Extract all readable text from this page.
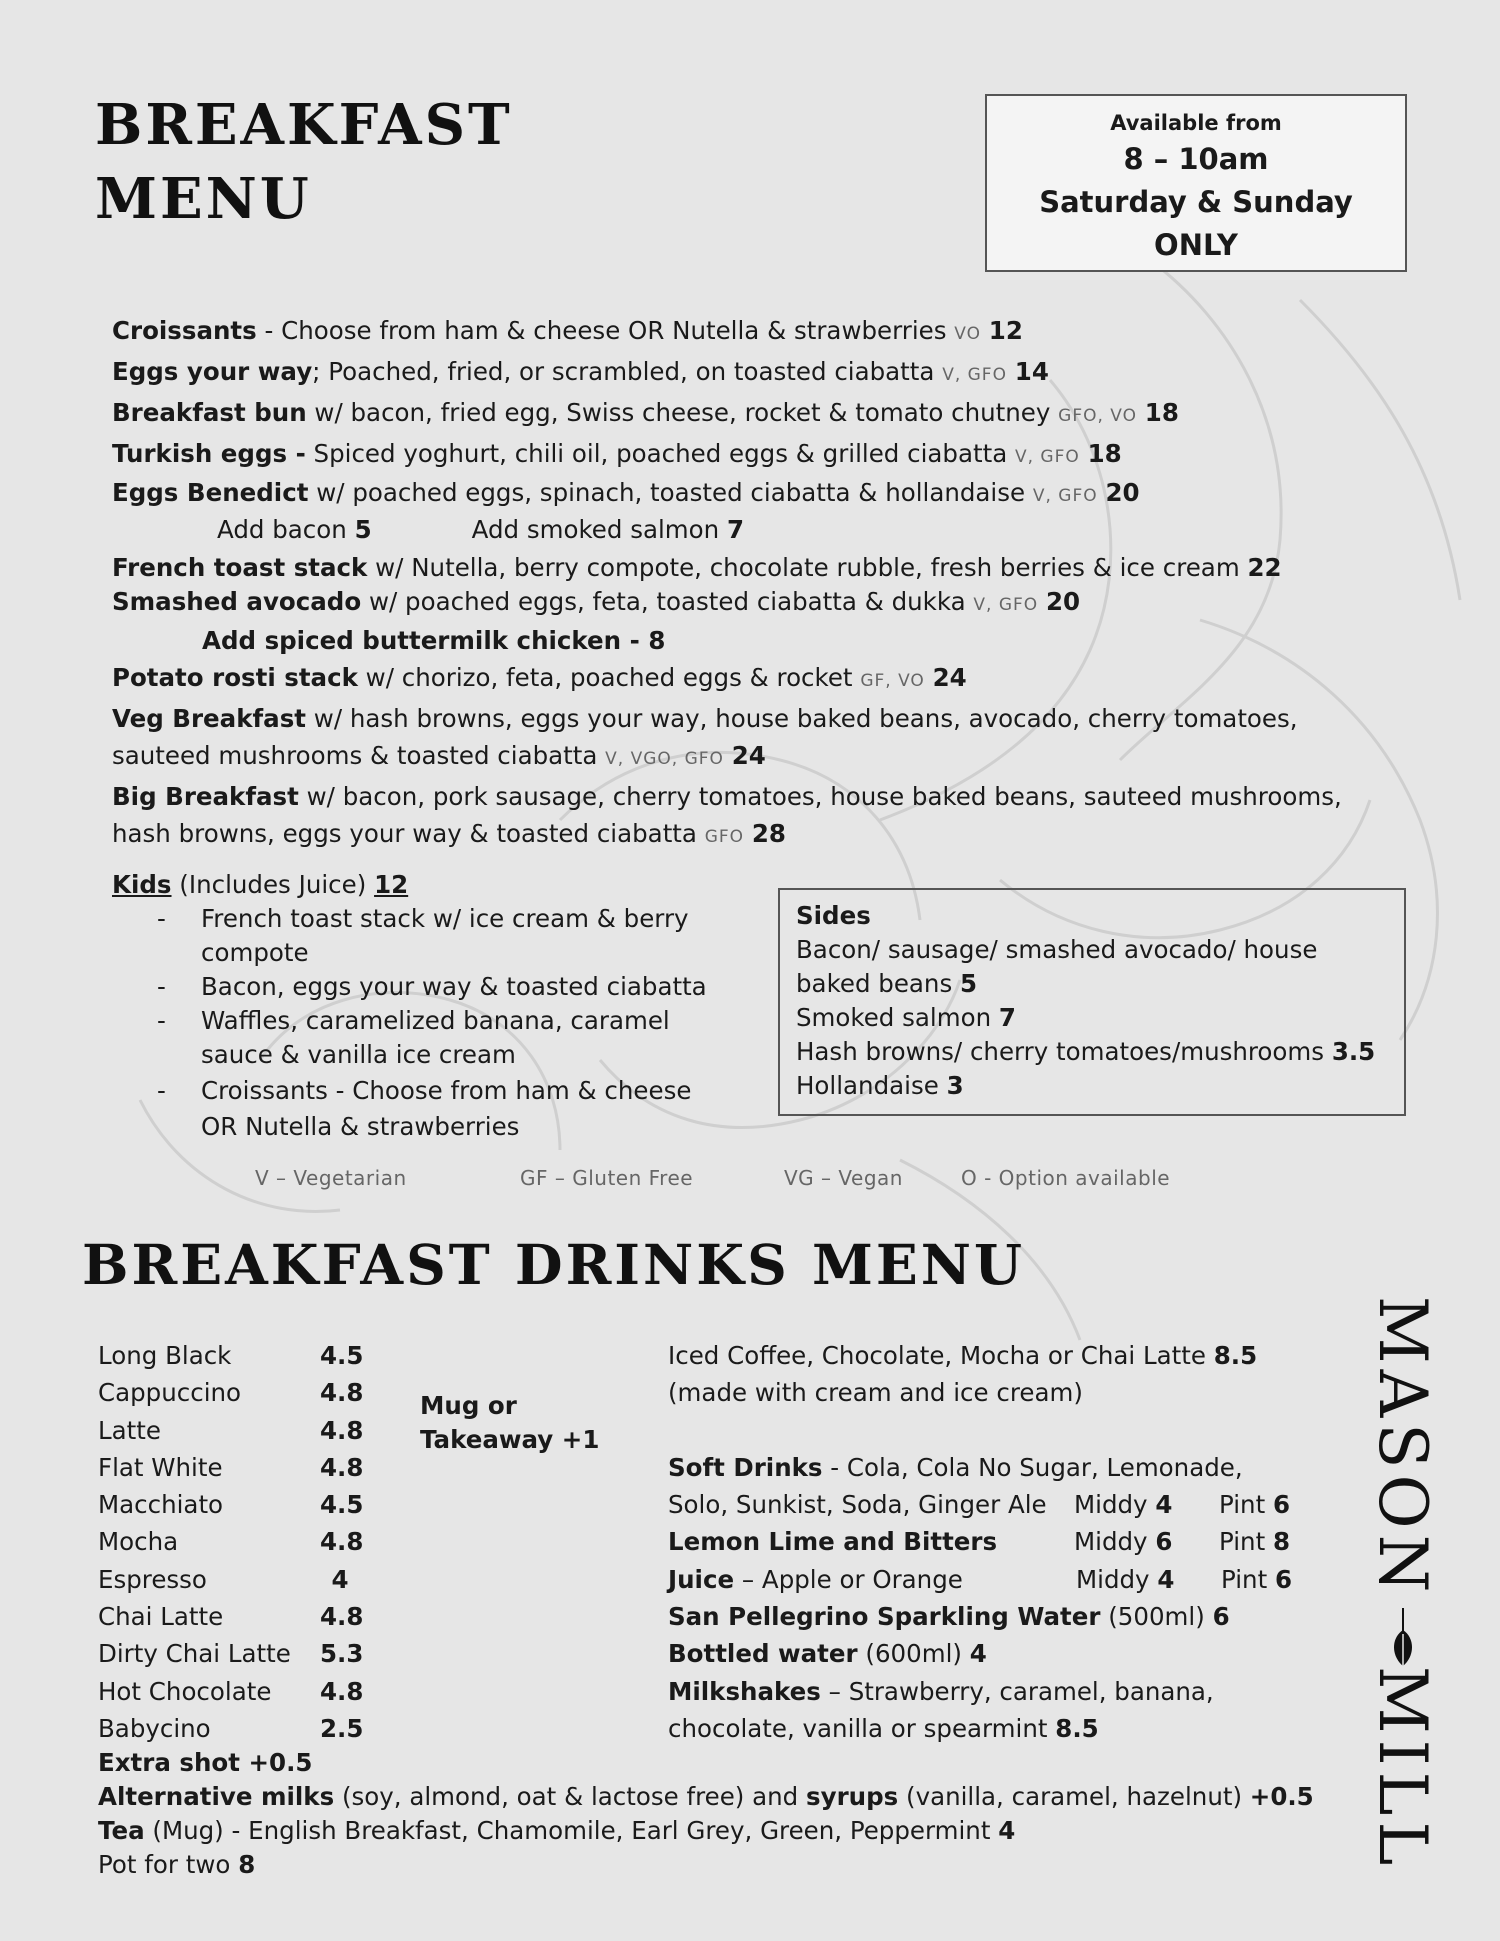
BREAKFAST
MENU
Available from
8 – 10am
Saturday & Sunday
ONLY
Croissants - Choose from ham & cheese OR Nutella & strawberries VO 12
Eggs your way; Poached, fried, or scrambled, on toasted ciabatta V, GFO 14
Breakfast bun w/ bacon, fried egg, Swiss cheese, rocket & tomato chutney GFO, VO 18
Turkish eggs - Spiced yoghurt, chili oil, poached eggs & grilled ciabatta V, GFO 18
Eggs Benedict w/ poached eggs, spinach, toasted ciabatta & hollandaise V, GFO 20
Add bacon 5	Add smoked salmon 7
French toast stack w/ Nutella, berry compote, chocolate rubble, fresh berries & ice cream 22
Smashed avocado w/ poached eggs, feta, toasted ciabatta & dukka V, GFO 20
Add spiced buttermilk chicken - 8
Potato rosti stack w/ chorizo, feta, poached eggs & rocket GF, VO 24
Veg Breakfast w/ hash browns, eggs your way, house baked beans, avocado, cherry tomatoes,
sauteed mushrooms & toasted ciabatta V, VGO, GFO 24
Big Breakfast w/ bacon, pork sausage, cherry tomatoes, house baked beans, sauteed mushrooms,
hash browns, eggs your way & toasted ciabatta GFO 28
Kids (Includes Juice) 12
- French toast stack w/ ice cream & berry
compote
- Bacon, eggs your way & toasted ciabatta
- Waffles, caramelized banana, caramel
sauce & vanilla ice cream
- Croissants - Choose from ham & cheese
OR Nutella & strawberries
Sides
Bacon/ sausage/ smashed avocado/ house
baked beans 5
Smoked salmon 7
Hash browns/ cherry tomatoes/mushrooms 3.5
Hollandaise 3
V – Vegetarian	GF – Gluten Free	VG – Vegan	O - Option available
BREAKFAST DRINKS MENU
Long Black	4.5
Cappuccino	4.8
Latte	4.8
Flat White	4.8
Macchiato	4.5
Mocha	4.8
Espresso	4
Chai Latte	4.8
Dirty Chai Latte 5.3
Hot Chocolate 4.8
Babycino	2.5
Mug or
Takeaway +1
Extra shot +0.5
Alternative milks (soy, almond, oat & lactose free) and syrups (vanilla, caramel, hazelnut) +0.5
Tea (Mug) - English Breakfast, Chamomile, Earl Grey, Green, Peppermint 4
Pot for two 8
Iced Coffee, Chocolate, Mocha or Chai Latte 8.5
(made with cream and ice cream)
Soft Drinks - Cola, Cola No Sugar, Lemonade,
Solo, Sunkist, Soda, Ginger Ale Middy 4 Pint 6
Lemon Lime and Bitters	Middy 6 Pint 8
Juice – Apple or Orange	Middy 4 Pint 6
San Pellegrino Sparkling Water (500ml) 6
Bottled water (600ml) 4
Milkshakes – Strawberry, caramel, banana,
chocolate, vanilla or spearmint 8.5
MASON
MILL
